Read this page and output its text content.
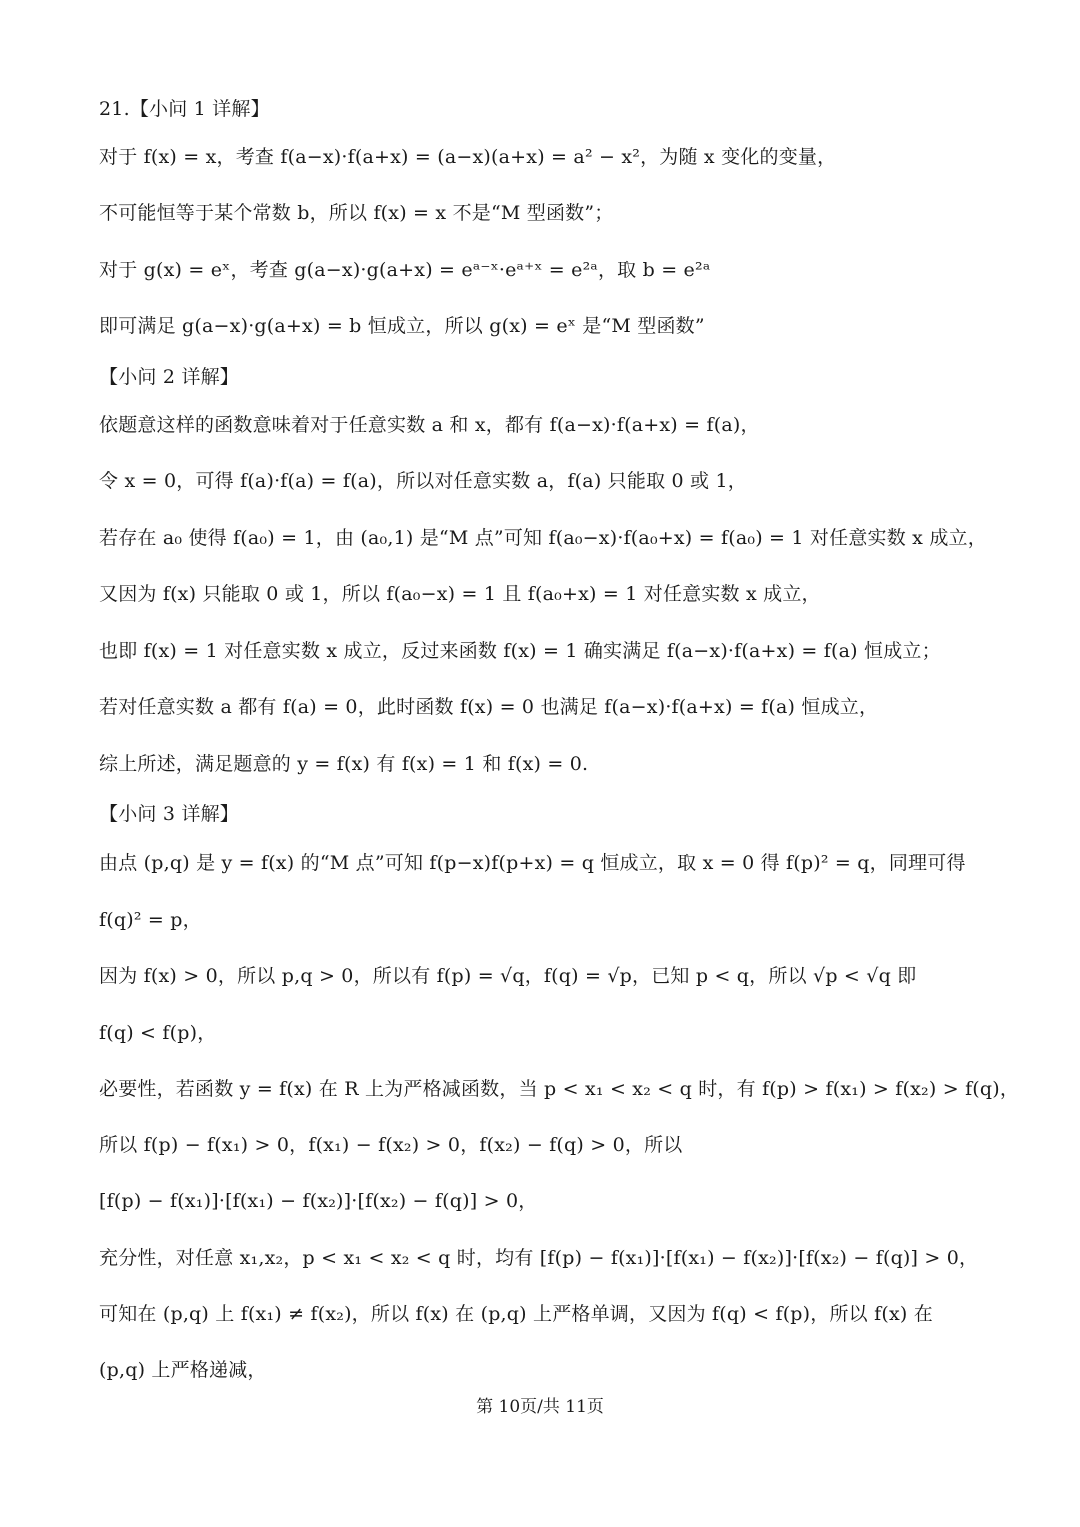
21.【小问 1 详解】
对于 f(x) = x，考查 f(a−x)·f(a+x) = (a−x)(a+x) = a² − x²，为随 x 变化的变量，
不可能恒等于某个常数 b，所以 f(x) = x 不是“M 型函数”；
对于 g(x) = eˣ，考查 g(a−x)·g(a+x) = eᵃ⁻ˣ·eᵃ⁺ˣ = e²ᵃ，取 b = e²ᵃ
即可满足 g(a−x)·g(a+x) = b 恒成立，所以 g(x) = eˣ 是“M 型函数”
【小问 2 详解】
依题意这样的函数意味着对于任意实数 a 和 x，都有 f(a−x)·f(a+x) = f(a)，
令 x = 0，可得 f(a)·f(a) = f(a)，所以对任意实数 a，f(a) 只能取 0 或 1，
若存在 a₀ 使得 f(a₀) = 1，由 (a₀,1) 是“M 点”可知 f(a₀−x)·f(a₀+x) = f(a₀) = 1 对任意实数 x 成立，
又因为 f(x) 只能取 0 或 1，所以 f(a₀−x) = 1 且 f(a₀+x) = 1 对任意实数 x 成立，
也即 f(x) = 1 对任意实数 x 成立，反过来函数 f(x) = 1 确实满足 f(a−x)·f(a+x) = f(a) 恒成立；
若对任意实数 a 都有 f(a) = 0，此时函数 f(x) = 0 也满足 f(a−x)·f(a+x) = f(a) 恒成立，
综上所述，满足题意的 y = f(x) 有 f(x) = 1 和 f(x) = 0.
【小问 3 详解】
由点 (p,q) 是 y = f(x) 的“M 点”可知 f(p−x)f(p+x) = q 恒成立，取 x = 0 得 f(p)² = q，同理可得
f(q)² = p，
因为 f(x) > 0，所以 p,q > 0，所以有 f(p) = √q，f(q) = √p，已知 p < q，所以 √p < √q 即
f(q) < f(p)，
必要性，若函数 y = f(x) 在 R 上为严格减函数，当 p < x₁ < x₂ < q 时，有 f(p) > f(x₁) > f(x₂) > f(q)，
所以 f(p) − f(x₁) > 0，f(x₁) − f(x₂) > 0，f(x₂) − f(q) > 0，所以
[f(p) − f(x₁)]·[f(x₁) − f(x₂)]·[f(x₂) − f(q)] > 0，
充分性，对任意 x₁,x₂，p < x₁ < x₂ < q 时，均有 [f(p) − f(x₁)]·[f(x₁) − f(x₂)]·[f(x₂) − f(q)] > 0，
可知在 (p,q) 上 f(x₁) ≠ f(x₂)，所以 f(x) 在 (p,q) 上严格单调，又因为 f(q) < f(p)，所以 f(x) 在
(p,q) 上严格递减，
第 10页/共 11页
